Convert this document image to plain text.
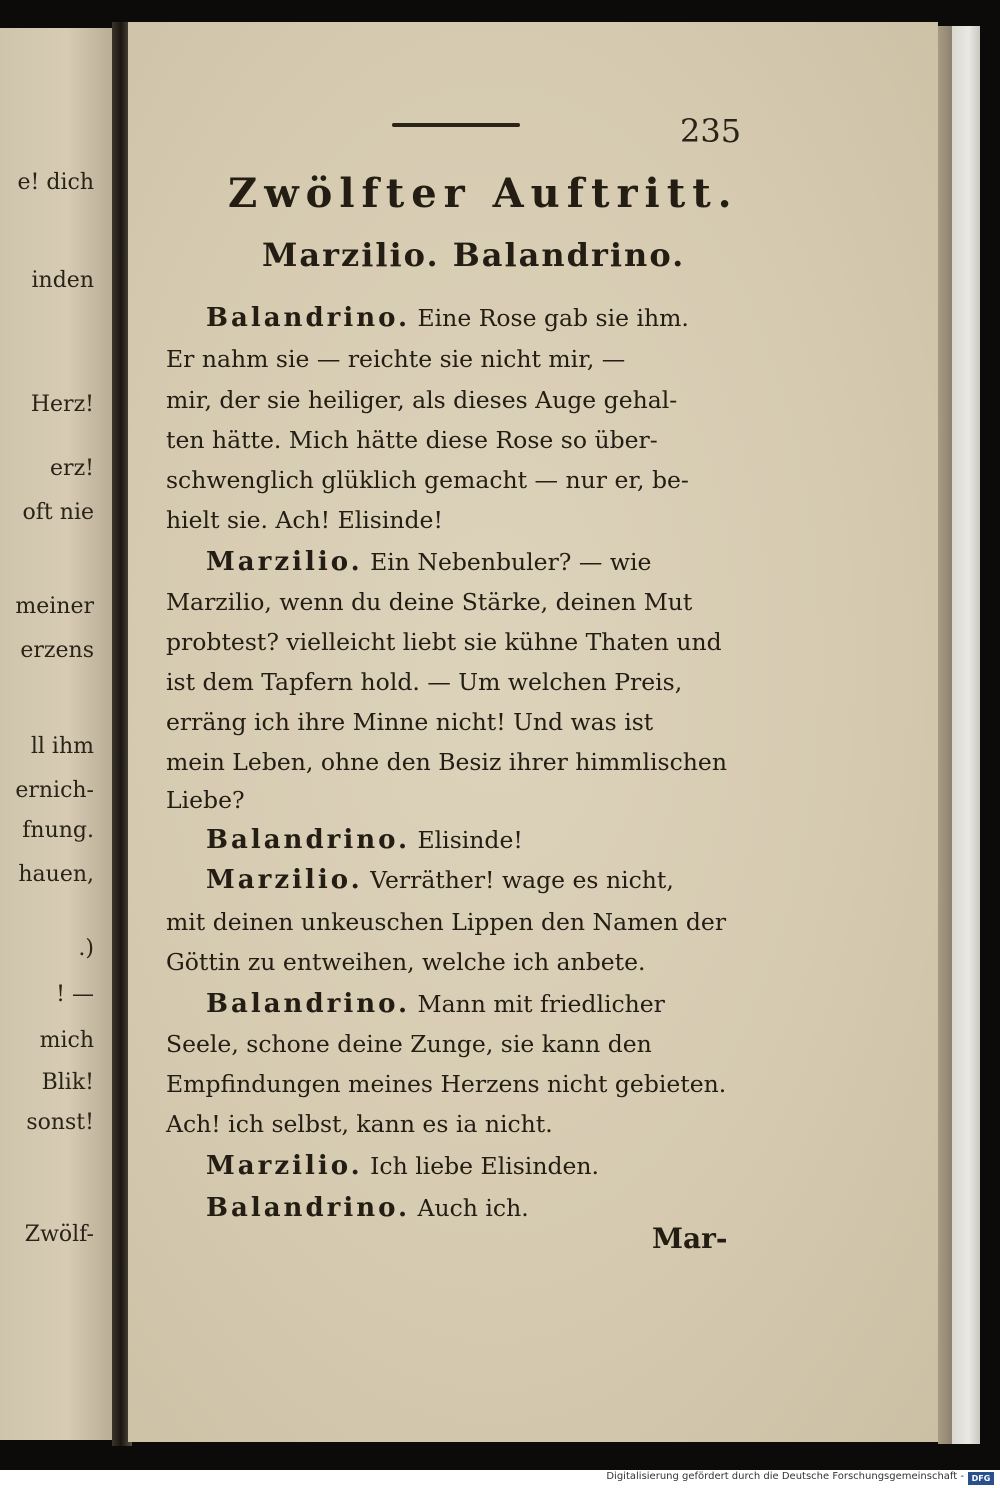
e! dich
inden
Herz!
erz!
oft nie
meiner
erzens
ll ihm
ernich-
fnung.
hauen,
.)
! —
mich
Blik!
sonst!
Zwölf-
235
Zwölfter Auftritt.
Marzilio. Balandrino.
Balandrino. Eine Rose gab sie ihm.
Er nahm sie — reichte sie nicht mir, —
mir, der sie heiliger, als dieses Auge gehal-
ten hätte. Mich hätte diese Rose so über-
schwenglich glüklich gemacht — nur er, be-
hielt sie. Ach! Elisinde!
Marzilio. Ein Nebenbuler? — wie
Marzilio, wenn du deine Stärke, deinen Mut
probtest? vielleicht liebt sie kühne Thaten und
ist dem Tapfern hold. — Um welchen Preis,
erräng ich ihre Minne nicht! Und was ist
mein Leben, ohne den Besiz ihrer himmlischen
Liebe?
Balandrino. Elisinde!
Marzilio. Verräther! wage es nicht,
mit deinen unkeuschen Lippen den Namen der
Göttin zu entweihen, welche ich anbete.
Balandrino. Mann mit friedlicher
Seele, schone deine Zunge, sie kann den
Empfindungen meines Herzens nicht gebieten.
Ach! ich selbst, kann es ia nicht.
Marzilio. Ich liebe Elisinden.
Balandrino. Auch ich.
Mar-
Digitalisierung gefördert durch die Deutsche Forschungsgemeinschaft - DFG
